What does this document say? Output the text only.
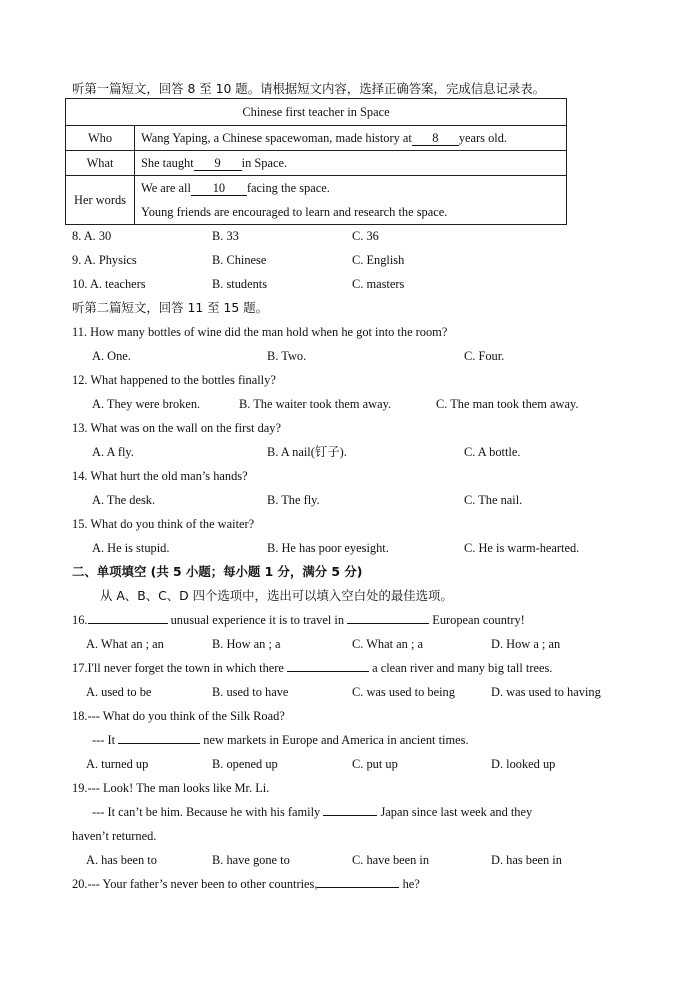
听第一篇短文，回答 8 至 10 题。请根据短文内容，选择正确答案，完成信息记录表。
Chinese first teacher in Space	
Who	Wang Yaping, a Chinese spacewoman, made history at 8 years old.
What	She taught 9 in Space.
Her words	We are all 10 facing the space.
Young friends are encouraged to learn and research the space.
8. A. 30	B. 33	C. 36
9. A. Physics	B. Chinese	C. English
10. A. teachers	B. students	C. masters
听第二篇短文，回答 11 至 15 题。
11. How many bottles of wine did the man hold when he got into the room?
A. One.	B. Two.	C. Four.
12. What happened to the bottles finally?
A. They were broken.	B. The waiter took them away.	C. The man took them away.
13. What was on the wall on the first day?
A. A fly.	B. A nail(钉子).	C. A bottle.
14. What hurt the old man’s hands?
A. The desk.	B. The fly.	C. The nail.
15. What do you think of the waiter?
A. He is stupid.	B. He has poor eyesight.	C. He is warm-hearted.
二、单项填空 (共 5 小题；每小题 1 分，满分 5 分)
从 A、B、C、D 四个选项中，选出可以填入空白处的最佳选项。
16.	unusual experience it is to travel in	European country!
A. What an ; an	B. How an ; a	C. What an ; a	D. How a ; an
17.I'll never forget the town in which there	a clean river and many big tall trees.
A. used to be	B. used to have	C. was used to being	D. was used to having
18.--- What do you think of the Silk Road?
--- It	new markets in Europe and America in ancient times.
A. turned up	B. opened up	C. put up	D. looked up
19.--- Look! The man looks like Mr. Li.
--- It can’t be him. Because he with his family	Japan since last week and they
haven’t returned.
A. has been to	B. have gone to	C. have been in	D. has been in
20.--- Your father’s never been to other countries,	he?
